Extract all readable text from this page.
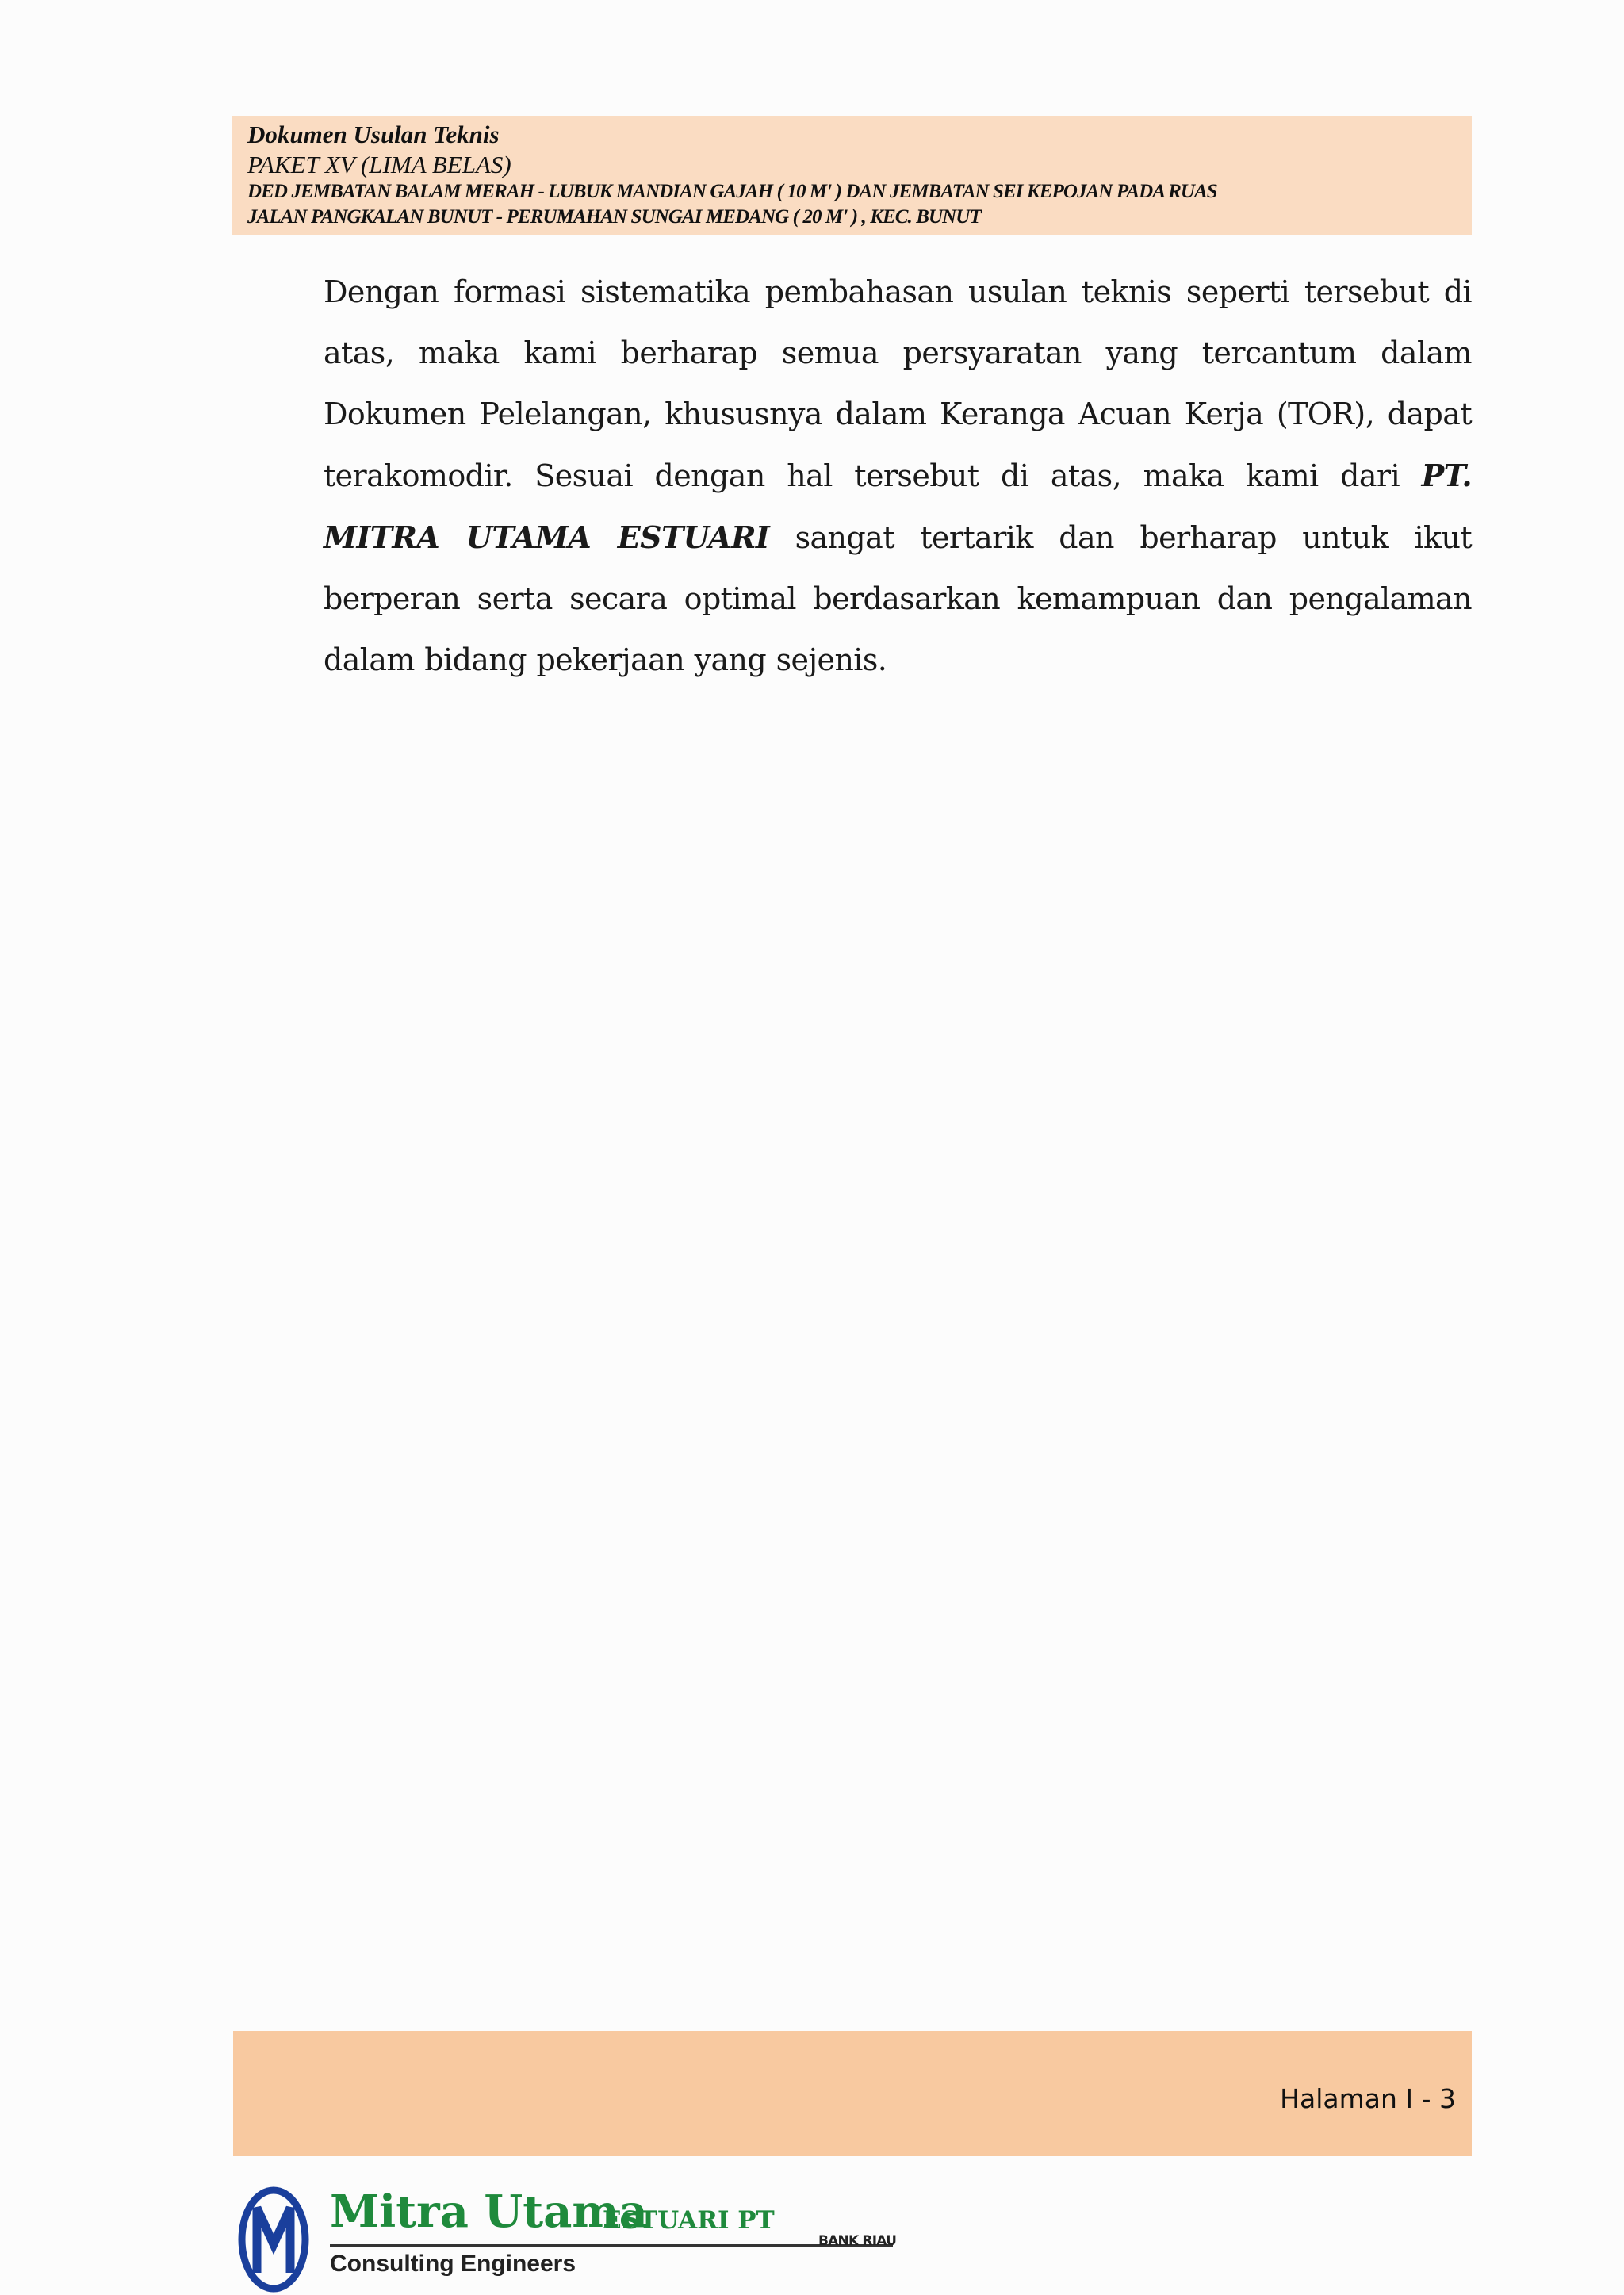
Dokumen Usulan Teknis
PAKET XV (LIMA BELAS)
DED JEMBATAN BALAM MERAH - LUBUK MANDIAN GAJAH ( 10 M' ) DAN JEMBATAN SEI KEPOJAN PADA RUAS
JALAN PANGKALAN BUNUT - PERUMAHAN SUNGAI MEDANG ( 20 M' ) , KEC. BUNUT

Dengan formasi sistematika pembahasan usulan teknis seperti tersebut di atas, maka kami berharap semua persyaratan yang tercantum dalam Dokumen Pelelangan, khususnya dalam Keranga Acuan Kerja (TOR), dapat terakomodir. Sesuai dengan hal tersebut di atas, maka kami dari PT. MITRA UTAMA ESTUARI sangat tertarik dan berharap untuk ikut berperan serta secara optimal berdasarkan kemampuan dan pengalaman dalam bidang pekerjaan yang sejenis.

Halaman I - 3
Mitra Utama
ESTUARI PT
BANK RIAU
Consulting Engineers
